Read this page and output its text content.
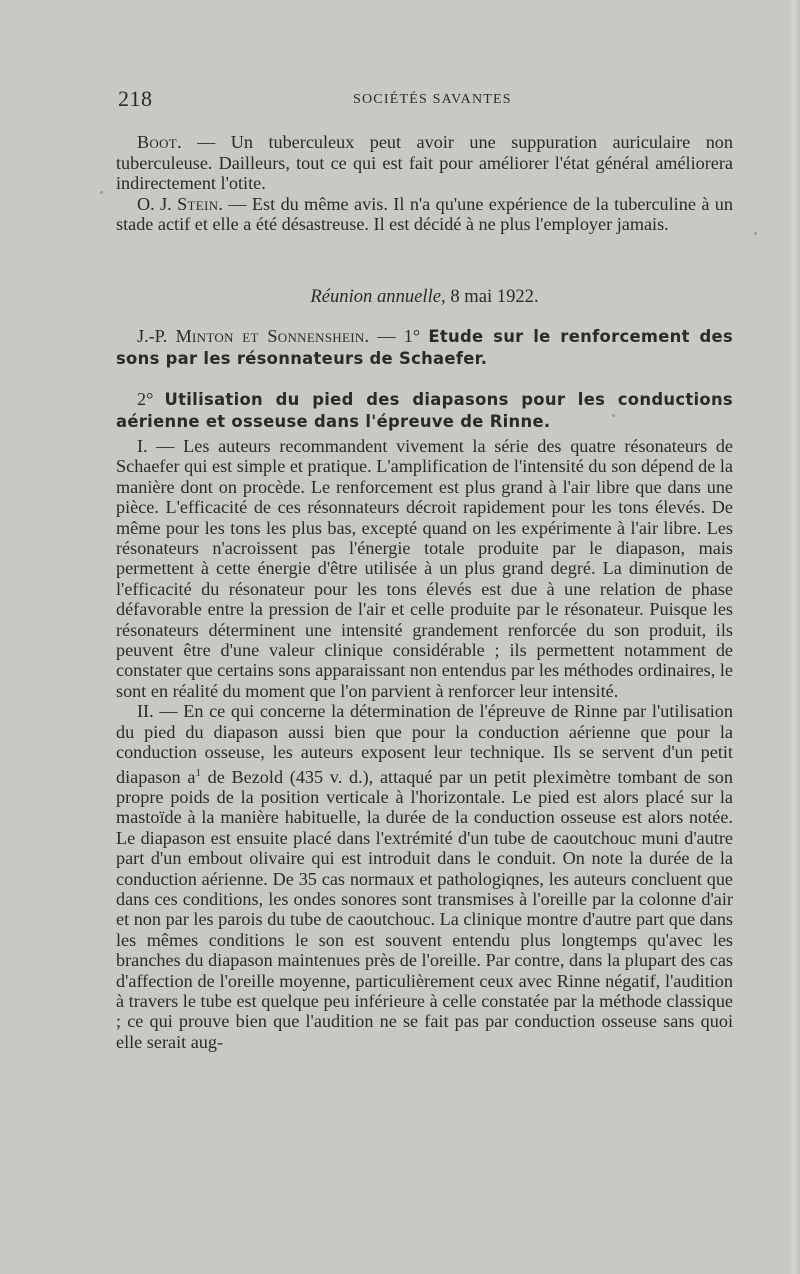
218	SOCIÉTÉS SAVANTES

Boot. — Un tuberculeux peut avoir une suppuration auriculaire non tuberculeuse. Dailleurs, tout ce qui est fait pour améliorer l'état général améliorera indirectement l'otite.

O. J. Stein. — Est du même avis. Il n'a qu'une expérience de la tuberculine à un stade actif et elle a été désastreuse. Il est décidé à ne plus l'employer jamais.

Réunion annuelle, 8 mai 1922.

J.-P. Minton et Sonnenshein. — 1° Etude sur le renforcement des sons par les résonnateurs de Schaefer.

2° Utilisation du pied des diapasons pour les conductions aérienne et osseuse dans l'épreuve de Rinne.

I. — Les auteurs recommandent vivement la série des quatre résonateurs de Schaefer qui est simple et pratique. L'amplification de l'intensité du son dépend de la manière dont on procède. Le renforcement est plus grand à l'air libre que dans une pièce. L'efficacité de ces résonnateurs décroit rapidement pour les tons élevés. De même pour les tons les plus bas, excepté quand on les expérimente à l'air libre. Les résonateurs n'acroissent pas l'énergie totale produite par le diapason, mais permettent à cette énergie d'être utilisée à un plus grand degré. La diminution de l'efficacité du résonateur pour les tons élevés est due à une relation de phase défavorable entre la pression de l'air et celle produite par le résonateur. Puisque les résonateurs déterminent une intensité grandement renforcée du son produit, ils peuvent être d'une valeur clinique considérable ; ils permettent notamment de constater que certains sons apparaissant non entendus par les méthodes ordinaires, le sont en réalité du moment que l'on parvient à renforcer leur intensité.

II. — En ce qui concerne la détermination de l'épreuve de Rinne par l'utilisation du pied du diapason aussi bien que pour la conduction aérienne que pour la conduction osseuse, les auteurs exposent leur technique. Ils se servent d'un petit diapason $a^1$ de Bezold (435 v. d.), attaqué par un petit pleximètre tombant de son propre poids de la position verticale à l'horizontale. Le pied est alors placé sur la mastoïde à la manière habituelle, la durée de la conduction osseuse est alors notée. Le diapason est ensuite placé dans l'extrémité d'un tube de caoutchouc muni d'autre part d'un embout olivaire qui est introduit dans le conduit. On note la durée de la conduction aérienne. De 35 cas normaux et pathologiqnes, les auteurs concluent que dans ces conditions, les ondes sonores sont transmises à l'oreille par la colonne d'air et non par les parois du tube de caoutchouc. La clinique montre d'autre part que dans les mêmes conditions le son est souvent entendu plus longtemps qu'avec les branches du diapason maintenues près de l'oreille. Par contre, dans la plupart des cas d'affection de l'oreille moyenne, particulièrement ceux avec Rinne négatif, l'audition à travers le tube est quelque peu inférieure à celle constatée par la méthode classique ; ce qui prouve bien que l'audition ne se fait pas par conduction osseuse sans quoi elle serait aug-
